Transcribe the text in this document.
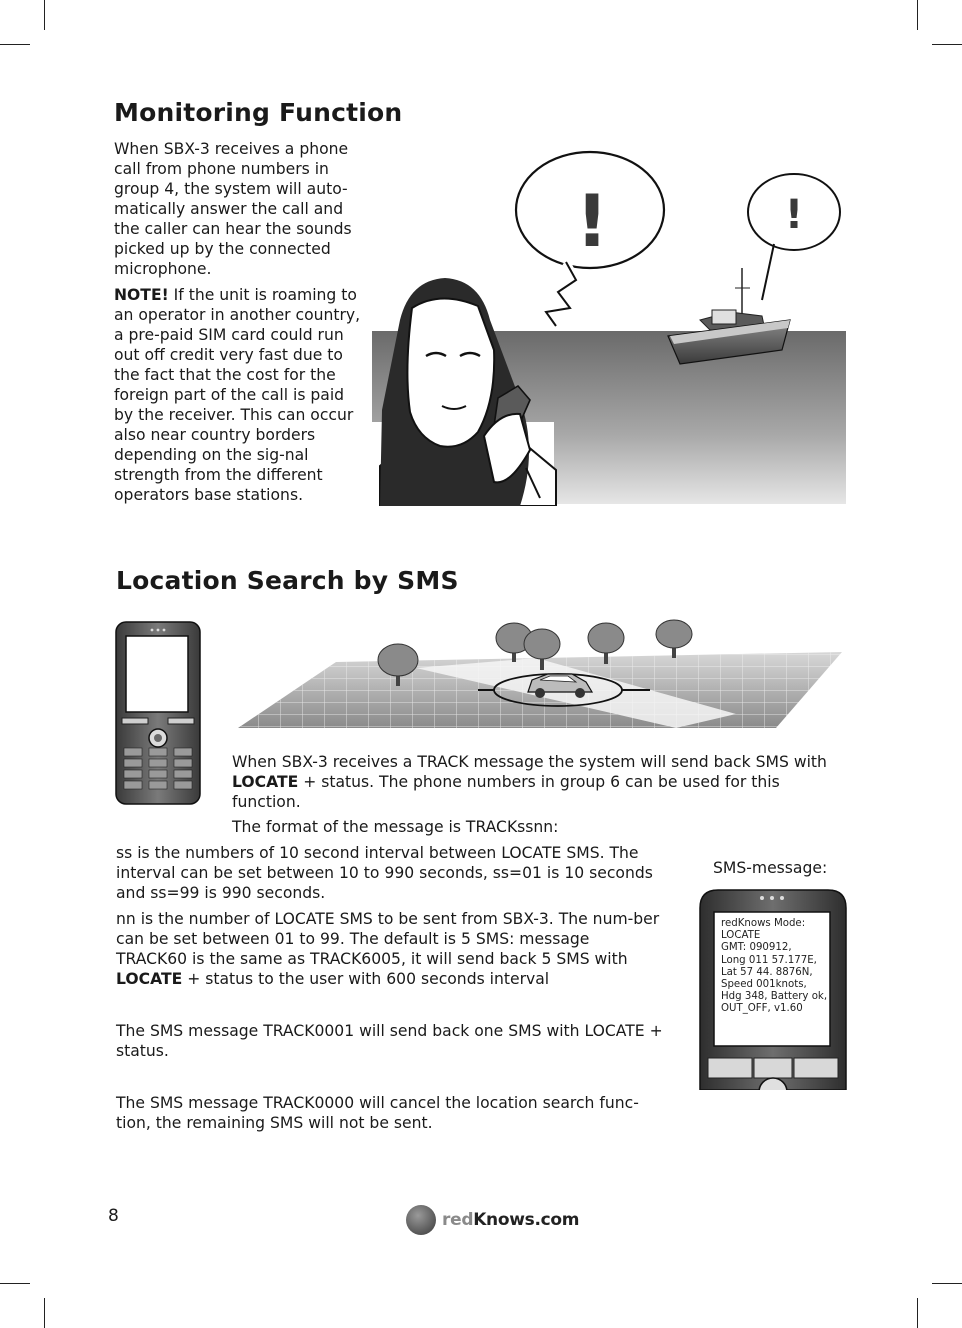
Monitoring Function

When SBX-3 receives a phone call from phone numbers in group 4, the system will auto-matically answer the call and the caller can hear the sounds picked up by the connected microphone.

NOTE! If the unit is roaming to an operator in another country, a pre-paid SIM card could run out off credit very fast due to the fact that the cost for the foreign part of the call is paid by the receiver. This can occur also near country borders depending on the sig-nal strength from the different operators base stations.

!	!
Location Search by SMS

When SBX-3 receives a TRACK message the system will send back SMS with LOCATE + status. The phone numbers in group 6 can be used for this function.

The format of the message is TRACKssnn:

ss is the numbers of 10 second interval between LOCATE SMS. The interval can be set between 10 to 990 seconds, ss=01 is 10 seconds and ss=99 is 990 seconds.

nn is the number of LOCATE SMS to be sent from SBX-3. The num-ber can be set between 01 to 99. The default is 5 SMS: message TRACK60 is the same as TRACK6005, it will send back 5 SMS with LOCATE + status to the user with 600 seconds interval

The SMS message TRACK0001 will send back one SMS with LOCATE + status.

The SMS message TRACK0000 will cancel the location search func-tion, the remaining SMS will not be sent.

SMS-message:
redKnows Mode:
LOCATE
GMT: 090912,
Long 011 57.177E,
Lat 57 44. 8876N,
Speed 001knots,
Hdg 348, Battery ok,
OUT_OFF, v1.60
8	redKnows.com
